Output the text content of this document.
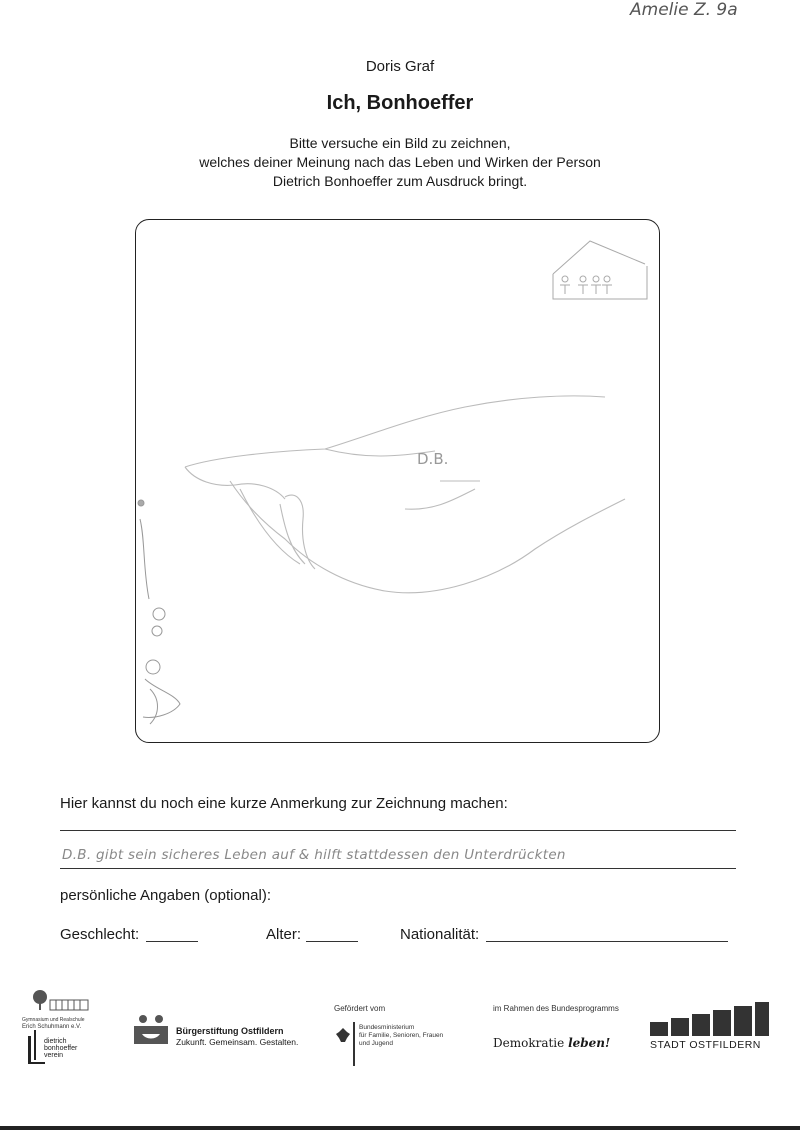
Amelie Z. 9a
Doris Graf
Ich, Bonhoeffer
Bitte versuche ein Bild zu zeichnen,
welches deiner Meinung nach das Leben und Wirken der Person
Dietrich Bonhoeffer zum Ausdruck bringt.
D.B.
Hier kannst du noch eine kurze Anmerkung zur Zeichnung machen:
D.B. gibt sein sicheres Leben auf & hilft stattdessen den Unterdrückten
persönliche Angaben (optional):
Geschlecht:	Alter:	Nationalität:
Gymnasium und Realschule
Erich Schuhmann e.V.
dietrich
bonhoeffer
verein
Bürgerstiftung Ostfildern
Zukunft. Gemeinsam. Gestalten.
Gefördert vom
Bundesministerium
für Familie, Senioren, Frauen
und Jugend
im Rahmen des Bundesprogramms
Demokratie leben!	STADT OSTFILDERN
